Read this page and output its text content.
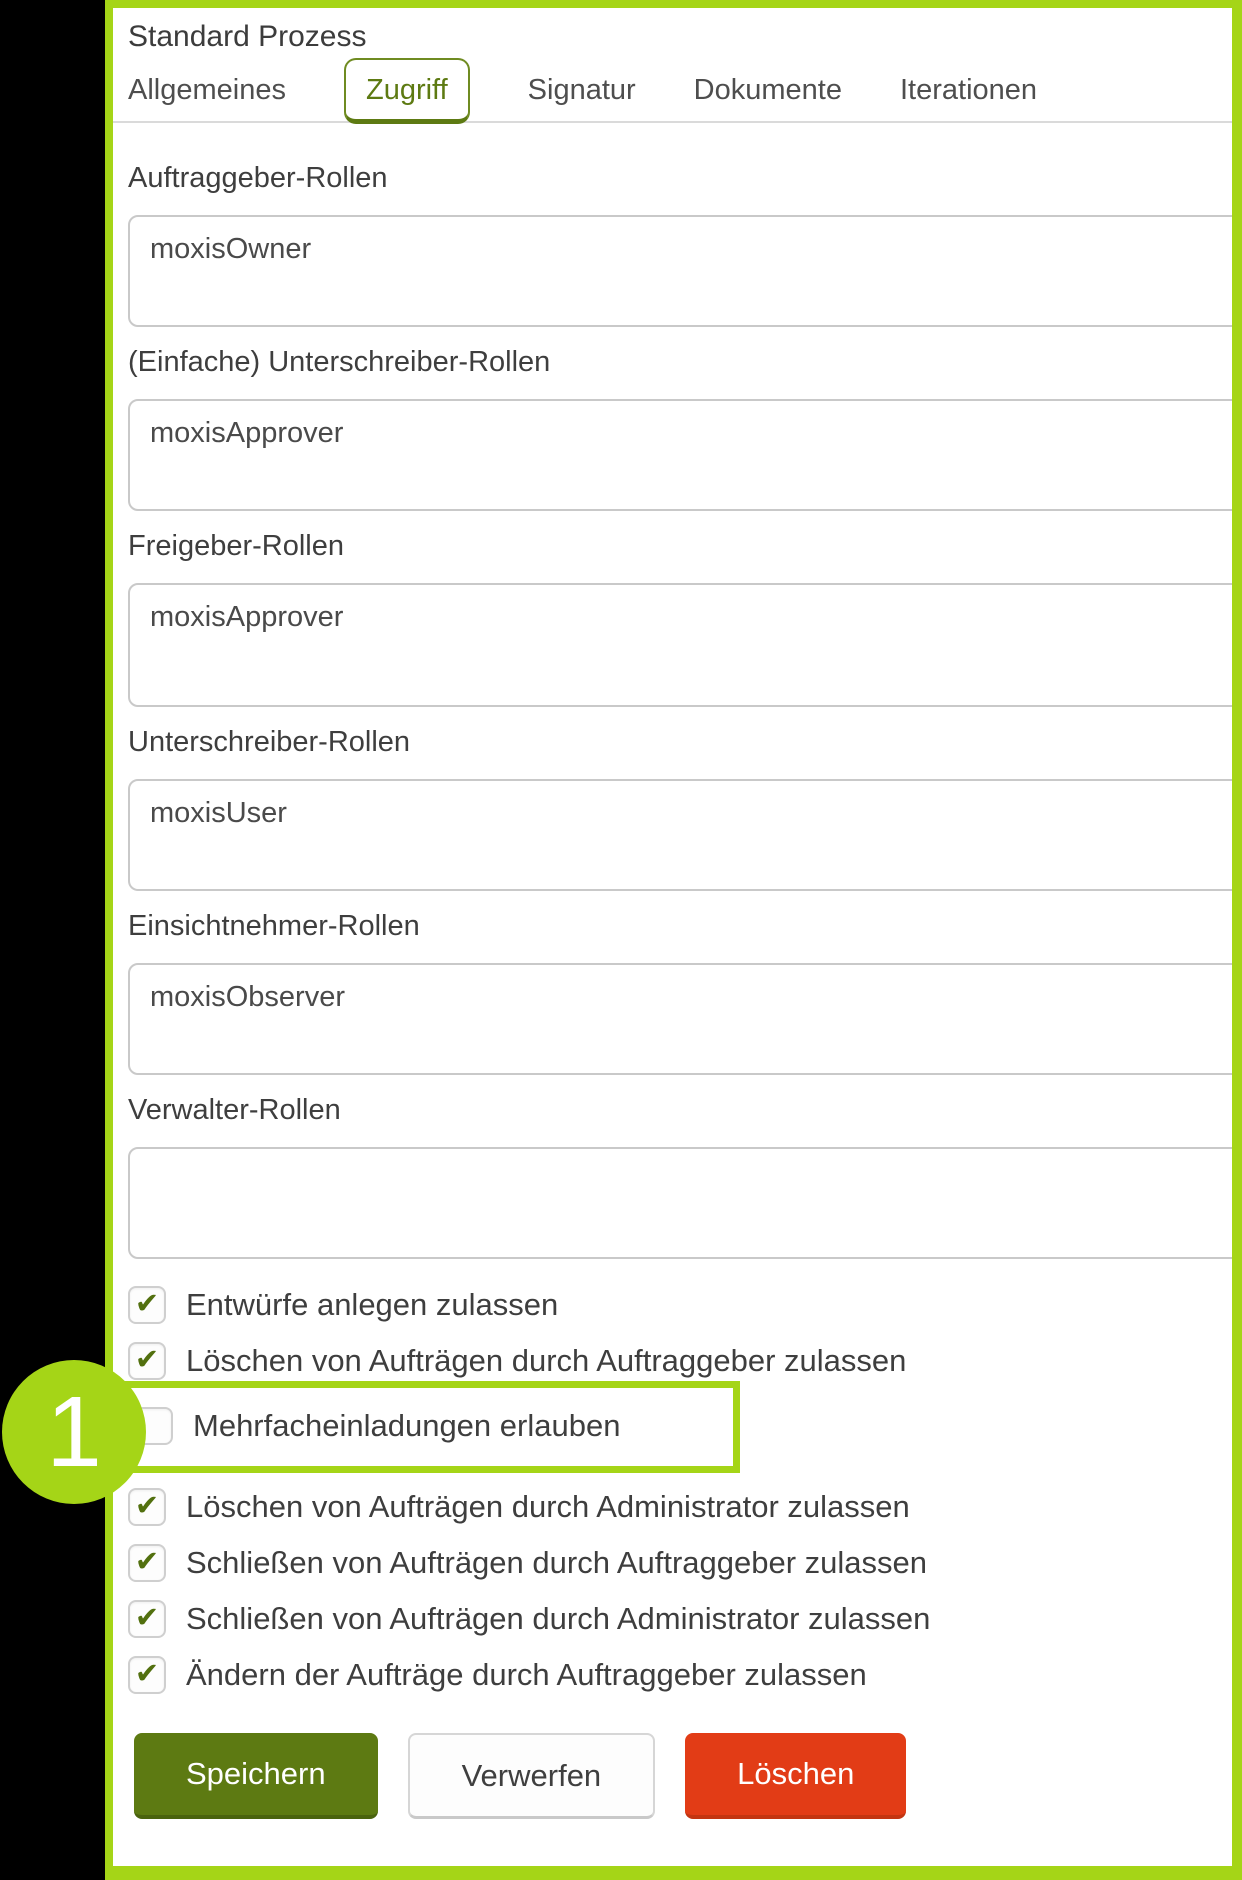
Standard Prozess
Allgemeines	Zugriff	Signatur Dokumente Iterationen
Auftraggeber-Rollen
moxisOwner
(Einfache) Unterschreiber-Rollen
moxisApprover
Freigeber-Rollen
moxisApprover
Unterschreiber-Rollen
moxisUser
Einsichtnehmer-Rollen
moxisObserver
Verwalter-Rollen
✔ Entwürfe anlegen zulassen
✔ Löschen von Aufträgen durch Auftraggeber zulassen
Mehrfacheinladungen erlauben
✔ Löschen von Aufträgen durch Administrator zulassen
✔ Schließen von Aufträgen durch Auftraggeber zulassen
✔ Schließen von Aufträgen durch Administrator zulassen
✔ Ändern der Aufträge durch Auftraggeber zulassen
Speichern	Verwerfen	Löschen
1
